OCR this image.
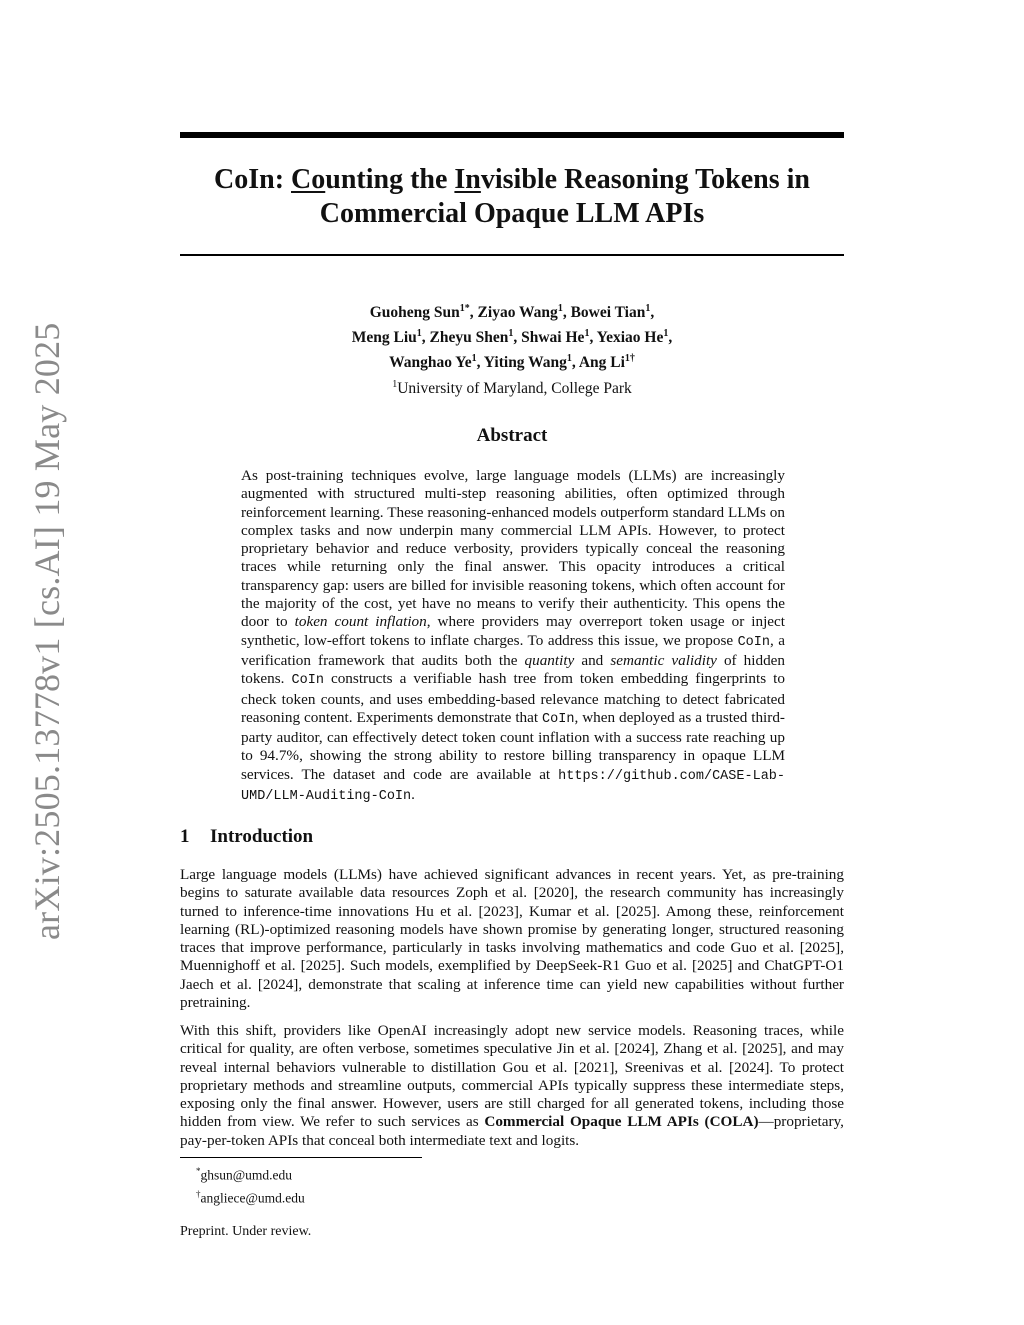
arXiv:2505.13778v1 [cs.AI] 19 May 2025
CoIn: Counting the Invisible Reasoning Tokens in
Commercial Opaque LLM APIs
Guoheng Sun$^{1*}$, Ziyao Wang$^1$, Bowei Tian$^1$,
Meng Liu$^1$, Zheyu Shen$^1$, Shwai He$^1$, Yexiao He$^1$,
Wanghao Ye$^1$, Yiting Wang$^1$, Ang $Li^{1\dagger}$
$^1$University of Maryland, College Park
Abstract
As post-training techniques evolve, large language models (LLMs) are increasingly augmented with structured multi-step reasoning abilities, often optimized through reinforcement learning. These reasoning-enhanced models outperform standard LLMs on complex tasks and now underpin many commercial LLM APIs. However, to protect proprietary behavior and reduce verbosity, providers typically conceal the reasoning traces while returning only the final answer. This opacity introduces a critical transparency gap: users are billed for invisible reasoning tokens, which often account for the majority of the cost, yet have no means to verify their authenticity. This opens the door to token count inflation, where providers may overreport token usage or inject synthetic, low-effort tokens to inflate charges. To address this issue, we propose CoIn, a verification framework that audits both the quantity and semantic validity of hidden tokens. CoIn constructs a verifiable hash tree from token embedding fingerprints to check token counts, and uses embedding-based relevance matching to detect fabricated reasoning content. Experiments demonstrate that CoIn, when deployed as a trusted third-party auditor, can effectively detect token count inflation with a success rate reaching up to 94.7%, showing the strong ability to restore billing transparency in opaque LLM services. The dataset and code are available at https://github.com/CASE-Lab-UMD/LLM-Auditing-CoIn.
1 Introduction
Large language models (LLMs) have achieved significant advances in recent years. Yet, as pre-training begins to saturate available data resources Zoph et al. [2020], the research community has increasingly turned to inference-time innovations Hu et al. [2023], Kumar et al. [2025]. Among these, reinforcement learning (RL)-optimized reasoning models have shown promise by generating longer, structured reasoning traces that improve performance, particularly in tasks involving mathematics and code Guo et al. [2025], Muennighoff et al. [2025]. Such models, exemplified by DeepSeek-R1 Guo et al. [2025] and ChatGPT-O1 Jaech et al. [2024], demonstrate that scaling at inference time can yield new capabilities without further pretraining.
With this shift, providers like OpenAI increasingly adopt new service models. Reasoning traces, while critical for quality, are often verbose, sometimes speculative Jin et al. [2024], Zhang et al. [2025], and may reveal internal behaviors vulnerable to distillation Gou et al. [2021], Sreenivas et al. [2024]. To protect proprietary methods and streamline outputs, commercial APIs typically suppress these intermediate steps, exposing only the final answer. However, users are still charged for all generated tokens, including those hidden from view. We refer to such services as Commercial Opaque LLM APIs (COLA)—proprietary, pay-per-token APIs that conceal both intermediate text and logits.
*ghsun@umd.edu
†angliece@umd.edu
Preprint. Under review.
